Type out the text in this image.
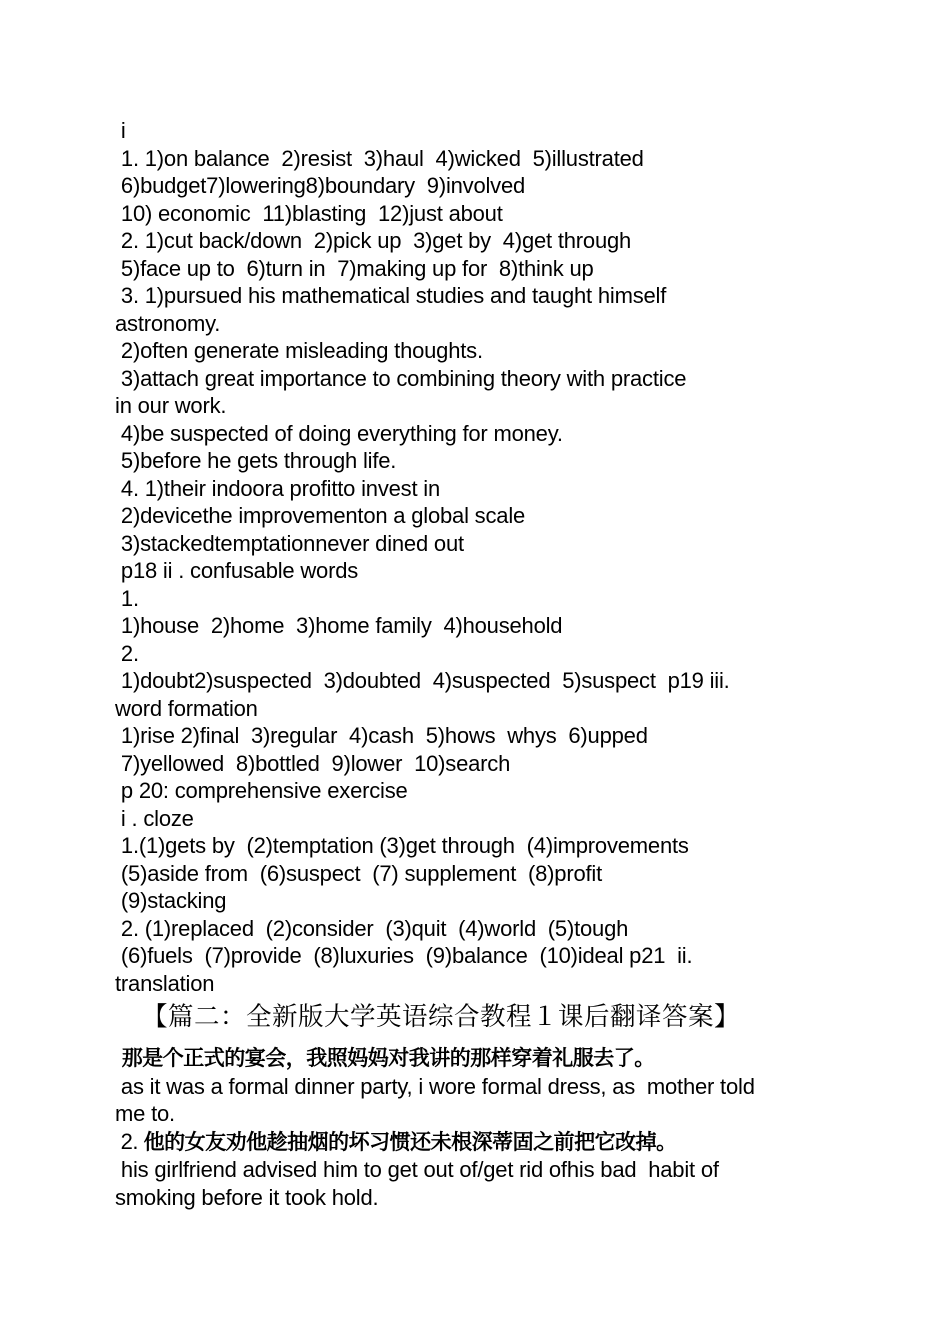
i
1. 1)on balance  2)resist  3)haul  4)wicked  5)illustrated
6)budget7)lowering8)boundary  9)involved
10) economic  11)blasting  12)just about
2. 1)cut back/down  2)pick up  3)get by  4)get through
5)face up to  6)turn in  7)making up for  8)think up
3. 1)pursued his mathematical studies and taught himself
astronomy.
2)often generate misleading thoughts.
3)attach great importance to combining theory with practice
in our work.
4)be suspected of doing everything for money.
5)before he gets through life.
4. 1)their indoora profitto invest in
2)devicethe improvementon a global scale
3)stackedtemptationnever dined out
p18 ii . confusable words
1.
1)house  2)home  3)home family  4)household
2.
1)doubt2)suspected  3)doubted  4)suspected  5)suspect  p19 iii.
word formation
1)rise 2)final  3)regular  4)cash  5)hows  whys  6)upped
7)yellowed  8)bottled  9)lower  10)search
p 20: comprehensive exercise
i . cloze
1.(1)gets by  (2)temptation (3)get through  (4)improvements
(5)aside from  (6)suspect  (7) supplement  (8)profit
(9)stacking
2. (1)replaced  (2)consider  (3)quit  (4)world  (5)tough
(6)fuels  (7)provide  (8)luxuries  (9)balance  (10)ideal p21  ii.
translation
【篇二：全新版大学英语综合教程１课后翻译答案】
那是个正式的宴会，我照妈妈对我讲的那样穿着礼服去了。
as it was a formal dinner party, i wore formal dress, as  mother told
me to.
2. 他的女友劝他趁抽烟的坏习惯还未根深蒂固之前把它改掉。
his girlfriend advised him to get out of/get rid ofhis bad  habit of
smoking before it took hold.
